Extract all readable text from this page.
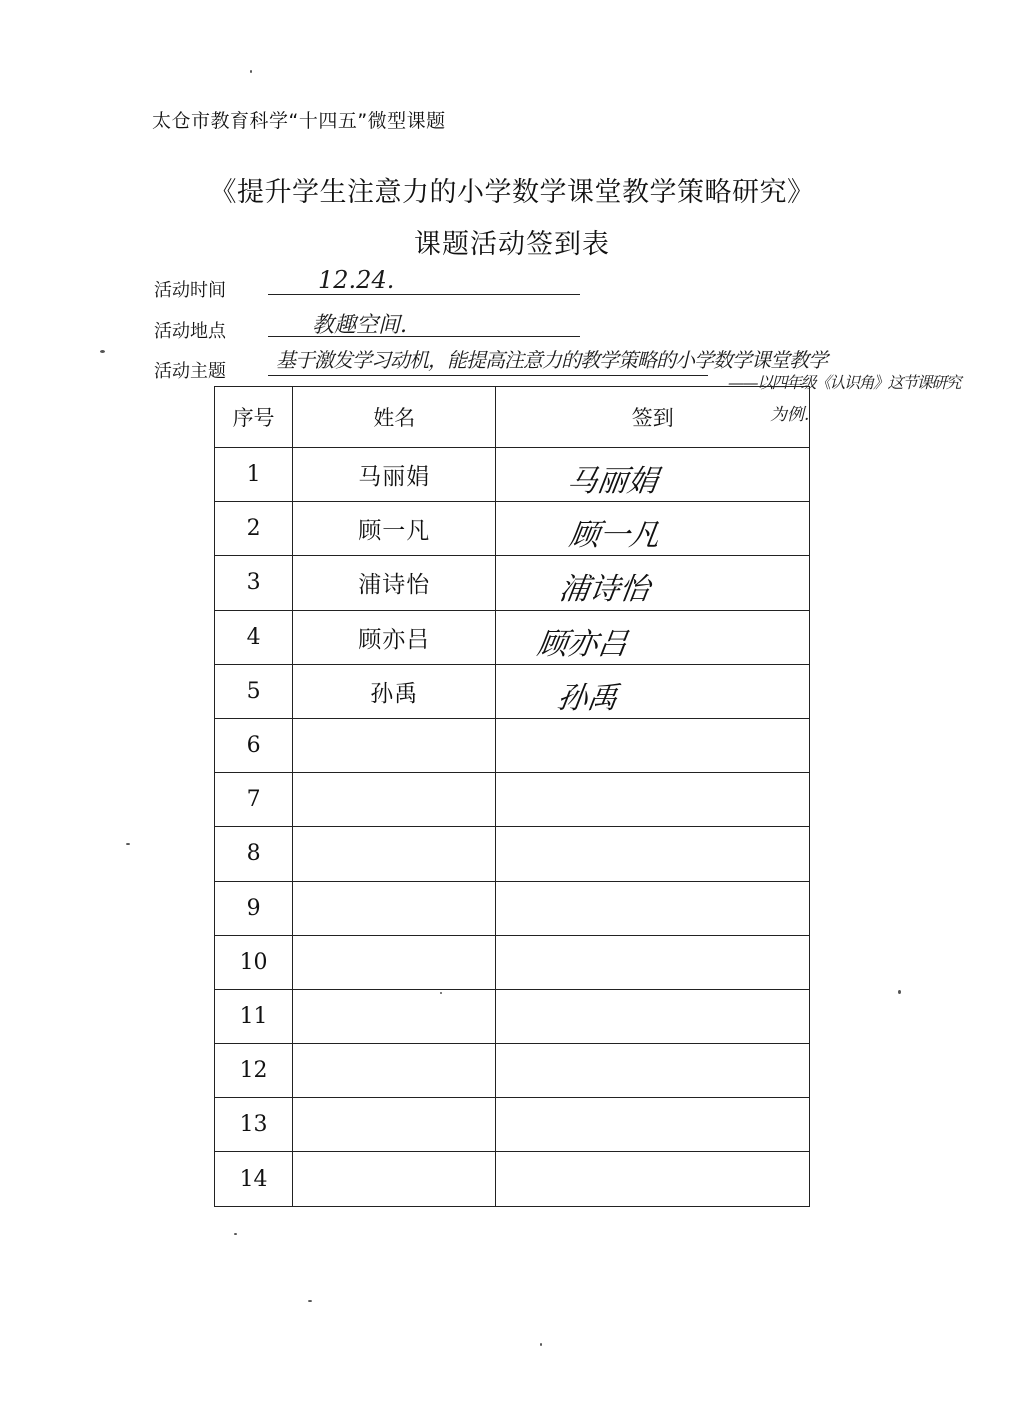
太仓市教育科学“十四五”微型课题
《提升学生注意力的小学数学课堂教学策略研究》
课题活动签到表
活动时间	12.24.
活动地点	教趣空间.
活动主题	基于激发学习动机，能提高注意力的教学策略的小学数学课堂教学
——以四年级《认识角》这节课研究
为例.
序号	姓名	签到
1	马丽娟	马丽娟

2	顾一凡	顾一凡

3	浦诗怡	浦诗怡

4	顾亦吕	顾亦吕

5	孙禹	孙禹

6		
7		
8		
9		
10		
11		
12		
13		
14		
